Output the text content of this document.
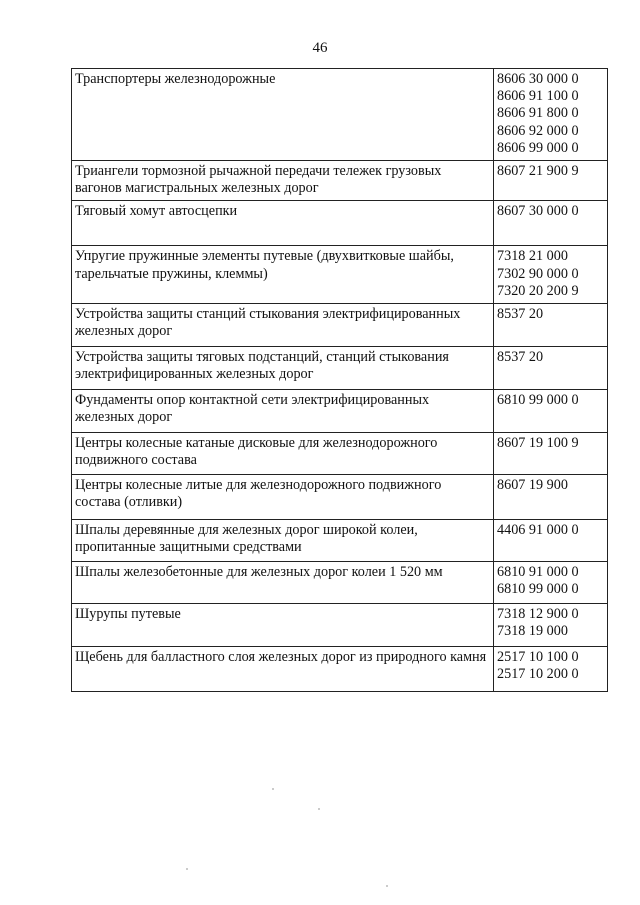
46
Транспортеры железнодорожные	8606 30 000 0
8606 91 100 0
8606 91 800 0
8606 92 000 0
8606 99 000 0

Триангели тормозной рычажной передачи тележек грузовых вагонов магистральных железных дорог	8607 21 900 9

Тяговый хомут автосцепки	8607 30 000 0

Упругие пружинные элементы путевые (двухвитковые шайбы, тарельчатые пружины, клеммы)	7318 21 000
7302 90 000 0
7320 20 200 9

Устройства защиты станций стыкования электрифицированных железных дорог	8537 20

Устройства защиты тяговых подстанций, станций стыкования электрифицированных железных дорог	8537 20

Фундаменты опор контактной сети электрифицированных железных дорог	6810 99 000 0

Центры колесные катаные дисковые для железнодорожного подвижного состава	8607 19 100 9

Центры колесные литые для железнодорожного подвижного состава (отливки)	8607 19 900

Шпалы деревянные для железных дорог широкой колеи, пропитанные защитными средствами	4406 91 000 0

Шпалы железобетонные для железных дорог колеи 1 520 мм	6810 91 000 0
6810 99 000 0

Шурупы путевые	7318 12 900 0
7318 19 000

Щебень для балластного слоя железных дорог из природного камня	2517 10 100 0
2517 10 200 0
